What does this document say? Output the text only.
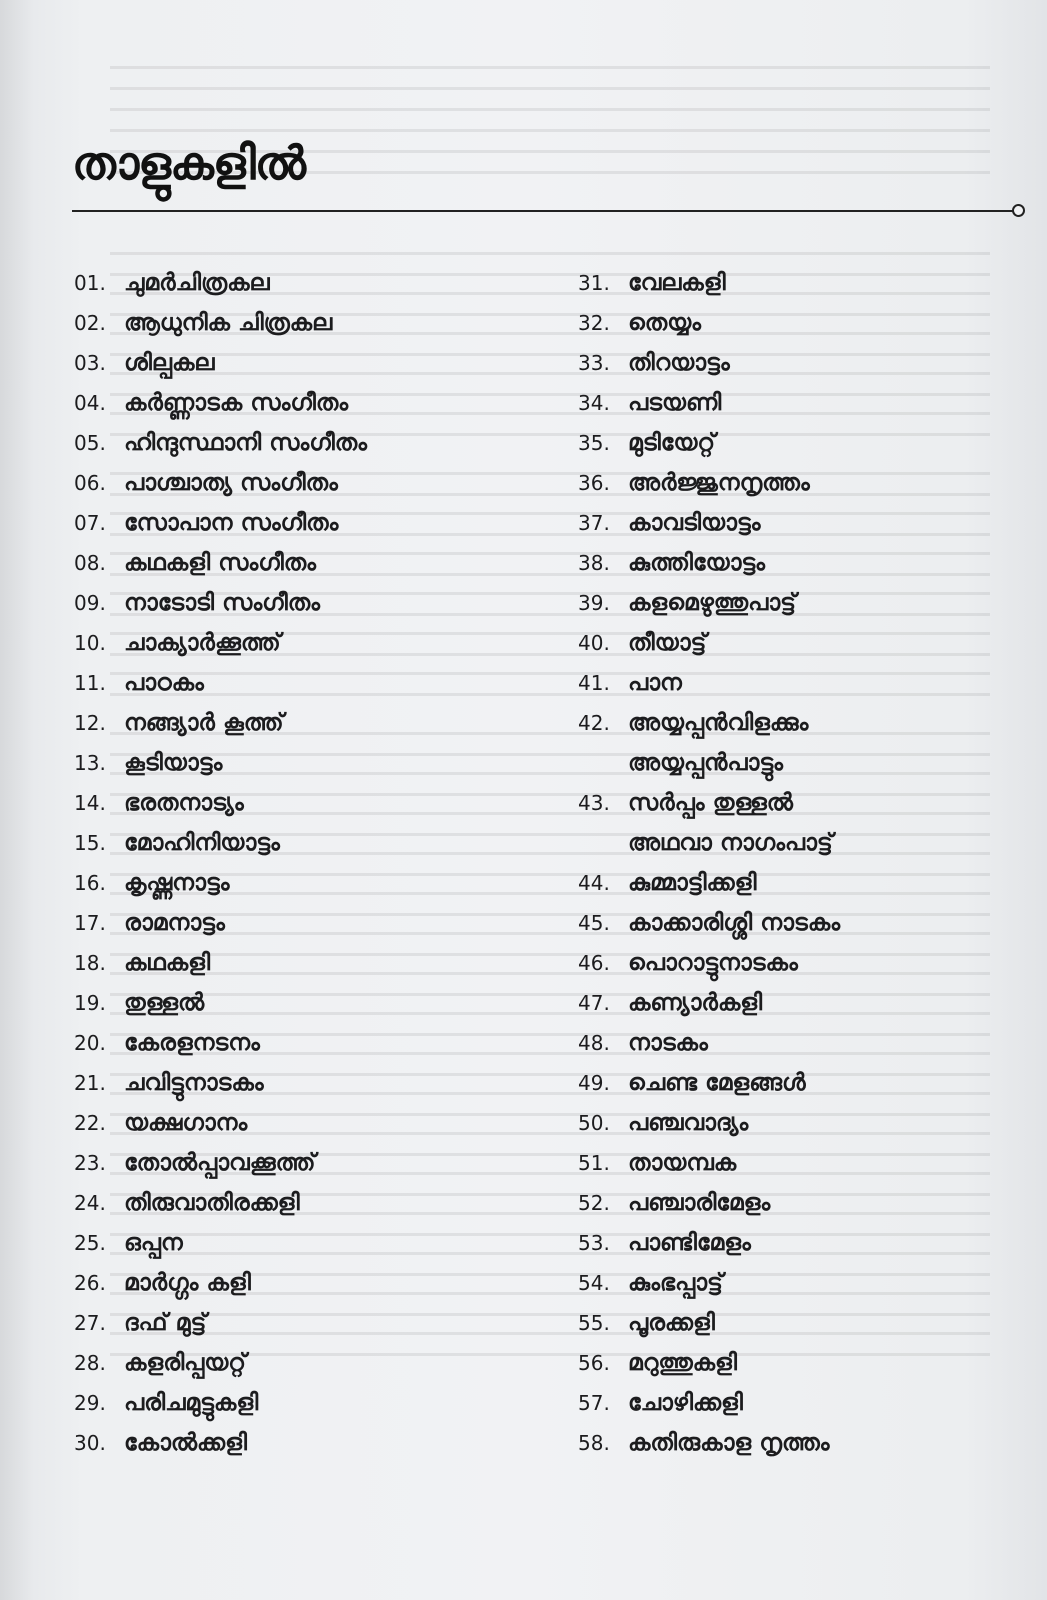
താളുകളിൽ
01. ചുമർചിത്രകല
02. ആധുനിക ചിത്രകല
03. ശില്പകല
04. കർണ്ണാടക സംഗീതം
05. ഹിന്ദുസ്ഥാനി സംഗീതം
06. പാശ്ചാത്യ സംഗീതം
07. സോപാന സംഗീതം
08. കഥകളി സംഗീതം
09. നാടോടി സംഗീതം
10. ചാക്യാർക്കൂത്ത്
11. പാഠകം
12. നങ്ങ്യാർ കൂത്ത്
13. കൂടിയാട്ടം
14. ഭരതനാട്യം
15. മോഹിനിയാട്ടം
16. കൃഷ്ണനാട്ടം
17. രാമനാട്ടം
18. കഥകളി
19. തുള്ളൽ
20. കേരളനടനം
21. ചവിട്ടുനാടകം
22. യക്ഷഗാനം
23. തോൽപ്പാവക്കൂത്ത്
24. തിരുവാതിരക്കളി
25. ഒപ്പന
26. മാർഗ്ഗം കളി
27. ദഫ് മുട്ട്
28. കളരിപ്പയറ്റ്
29. പരിചമുട്ടുകളി
30. കോൽക്കളി
31. വേലകളി
32. തെയ്യം
33. തിറയാട്ടം
34. പടയണി
35. മുടിയേറ്റ്
36. അർജ്ജുനനൃത്തം
37. കാവടിയാട്ടം
38. കുത്തിയോട്ടം
39. കളമെഴുത്തുപാട്ട്
40. തീയാട്ട്
41. പാന
42. അയ്യപ്പൻവിളക്കും
അയ്യപ്പൻപാട്ടും
43. സർപ്പം തുള്ളൽ
അഥവാ നാഗംപാട്ട്
44. കുമ്മാട്ടിക്കളി
45. കാക്കാരിശ്ശി നാടകം
46. പൊറാട്ടുനാടകം
47. കണ്യാർകളി
48. നാടകം
49. ചെണ്ട മേളങ്ങൾ
50. പഞ്ചവാദ്യം
51. തായമ്പക
52. പഞ്ചാരിമേളം
53. പാണ്ടിമേളം
54. കുംഭപ്പാട്ട്
55. പൂരക്കളി
56. മറുത്തുകളി
57. ചോഴിക്കളി
58. കതിരുകാള നൃത്തം
